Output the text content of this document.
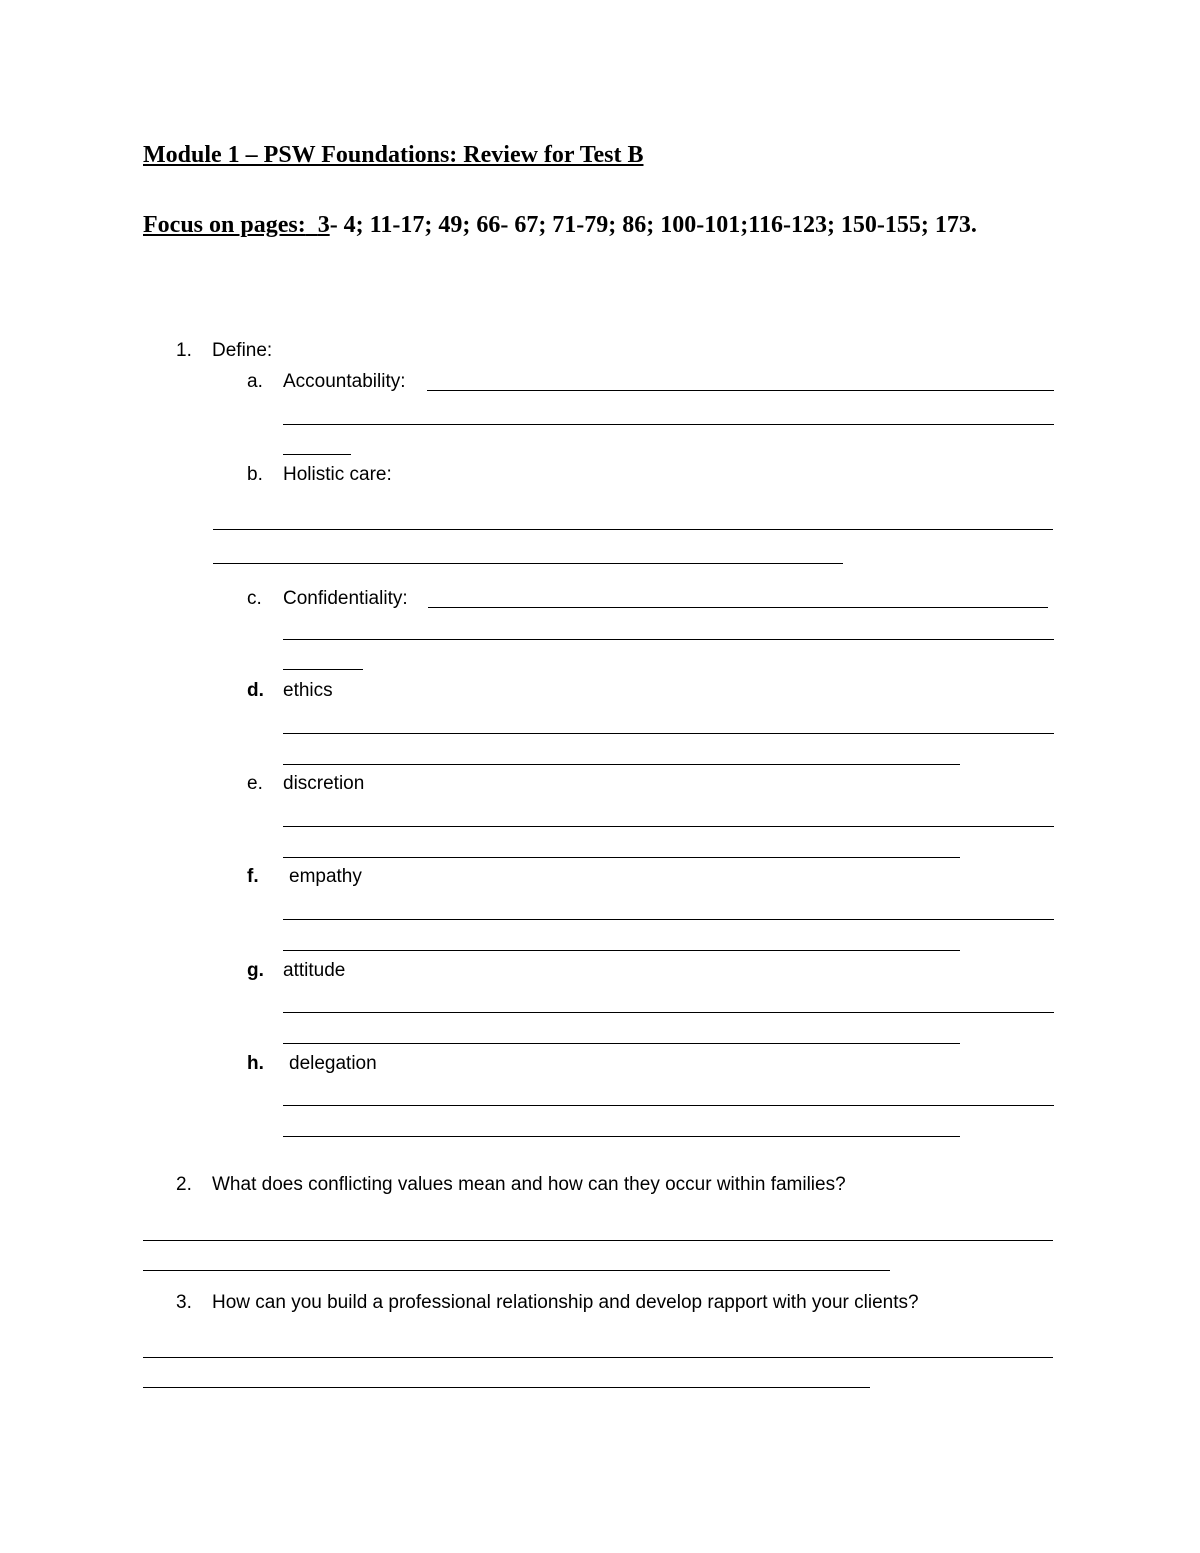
Module 1 – PSW Foundations: Review for Test B
Focus on pages: 3- 4; 11-17; 49; 66- 67; 71-79; 86; 100-101;116-123; 150-155; 173.
1. Define:
a. Accountability:
b. Holistic care:
c. Confidentiality:
d. ethics
e. discretion
f. empathy
g. attitude
h. delegation
2. What does conflicting values mean and how can they occur within families?
3. How can you build a professional relationship and develop rapport with your clients?
